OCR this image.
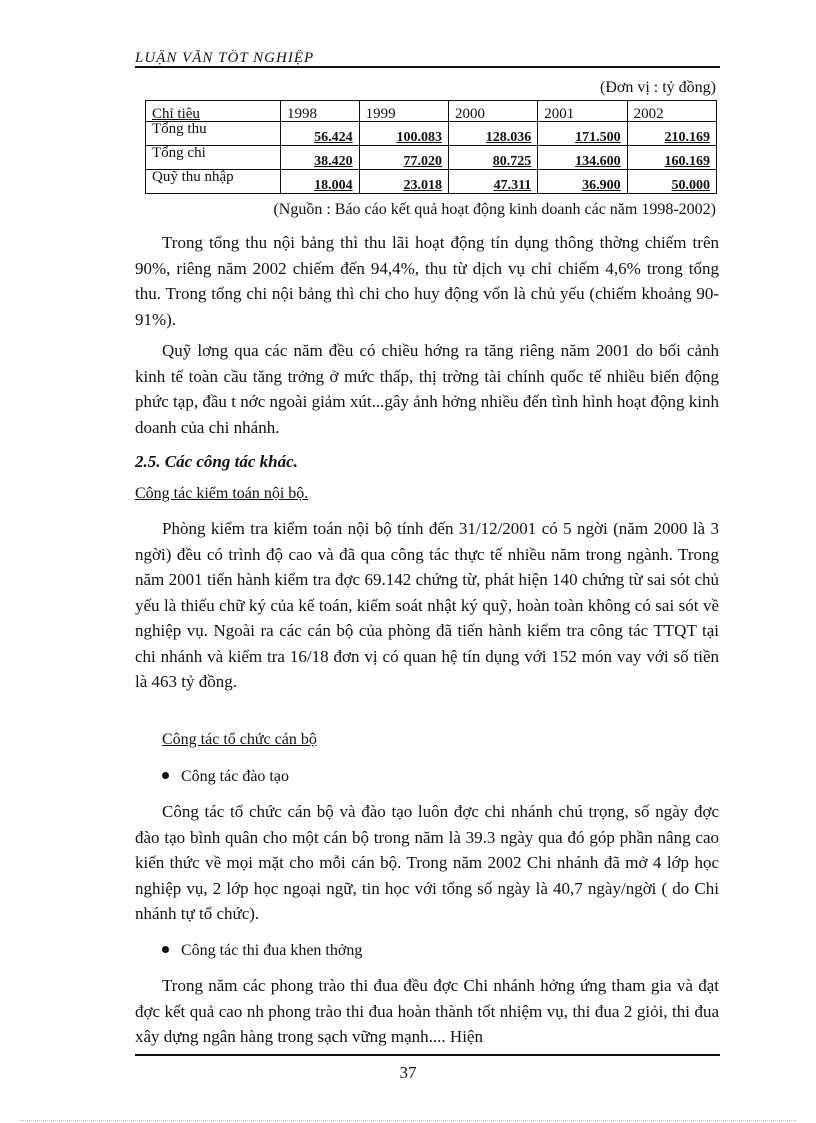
LUẬN VĂN TỐT NGHIỆP
(Đơn vị : tỷ đồng)
Chỉ tiêu	1998	1999	2000	2001	2002
Tổng thu	56.424	100.083	128.036	171.500	210.169
Tổng chi	38.420	77.020	80.725	134.600	160.169
Quỹ thu nhập	18.004	23.018	47.311	36.900	50.000
(Nguồn : Báo cáo kết quả hoạt động kinh doanh các năm 1998-2002)

Trong tổng thu nội bảng thì thu lãi hoạt động tín dụng thông thờng chiếm trên 90%, riêng năm 2002 chiếm đến 94,4%, thu từ dịch vụ chỉ chiếm 4,6% trong tổng thu. Trong tổng chi nội bảng thì chi cho huy động vốn là chủ yếu (chiếm khoảng 90-91%).

Quỹ lơng qua các năm đều có chiều hớng ra tăng riêng năm 2001 do bối cảnh kinh tế toàn cầu tăng trởng ở mức thấp, thị trờng tài chính quốc tế nhiều biến động phức tạp, đầu t nớc ngoài giảm xút...gây ảnh hởng nhiều đến tình hình hoạt động kinh doanh của chi nhánh.

2.5. Các công tác khác.
Công tác kiểm toán nội bộ.

Phòng kiểm tra kiểm toán nội bộ tính đến 31/12/2001 có 5 ngời (năm 2000 là 3 ngời) đều có trình độ cao và đã qua công tác thực tế nhiều năm trong ngành. Trong năm 2001 tiến hành kiểm tra đợc 69.142 chứng từ, phát hiện 140 chứng từ sai sót chủ yếu là thiếu chữ ký của kế toán, kiểm soát nhật ký quỹ, hoàn toàn không có sai sót về nghiệp vụ. Ngoài ra các cán bộ của phòng đã tiến hành kiểm tra công tác TTQT tại chi nhánh và kiểm tra 16/18 đơn vị có quan hệ tín dụng với 152 món vay với số tiền là 463 tỷ đồng.

Công tác tổ chức cán bộ
Công tác đào tạo

Công tác tổ chức cán bộ và đào tạo luôn đợc chi nhánh chú trọng, số ngày đợc đào tạo bình quân cho một cán bộ trong năm là 39.3 ngày qua đó góp phần nâng cao kiến thức về mọi mặt cho mỗi cán bộ. Trong năm 2002 Chi nhánh đã mở 4 lớp học nghiệp vụ, 2 lớp học ngoại ngữ, tin học với tổng số ngày là 40,7 ngày/ngời ( do Chi nhánh tự tổ chức).

Công tác thi đua khen thởng

Trong năm các phong trào thi đua đều đợc Chi nhánh hởng ứng tham gia và đạt đợc kết quả cao nh phong trào thi đua hoàn thành tốt nhiệm vụ, thi đua 2 giỏi, thi đua xây dựng ngân hàng trong sạch vững mạnh.... Hiện

37
